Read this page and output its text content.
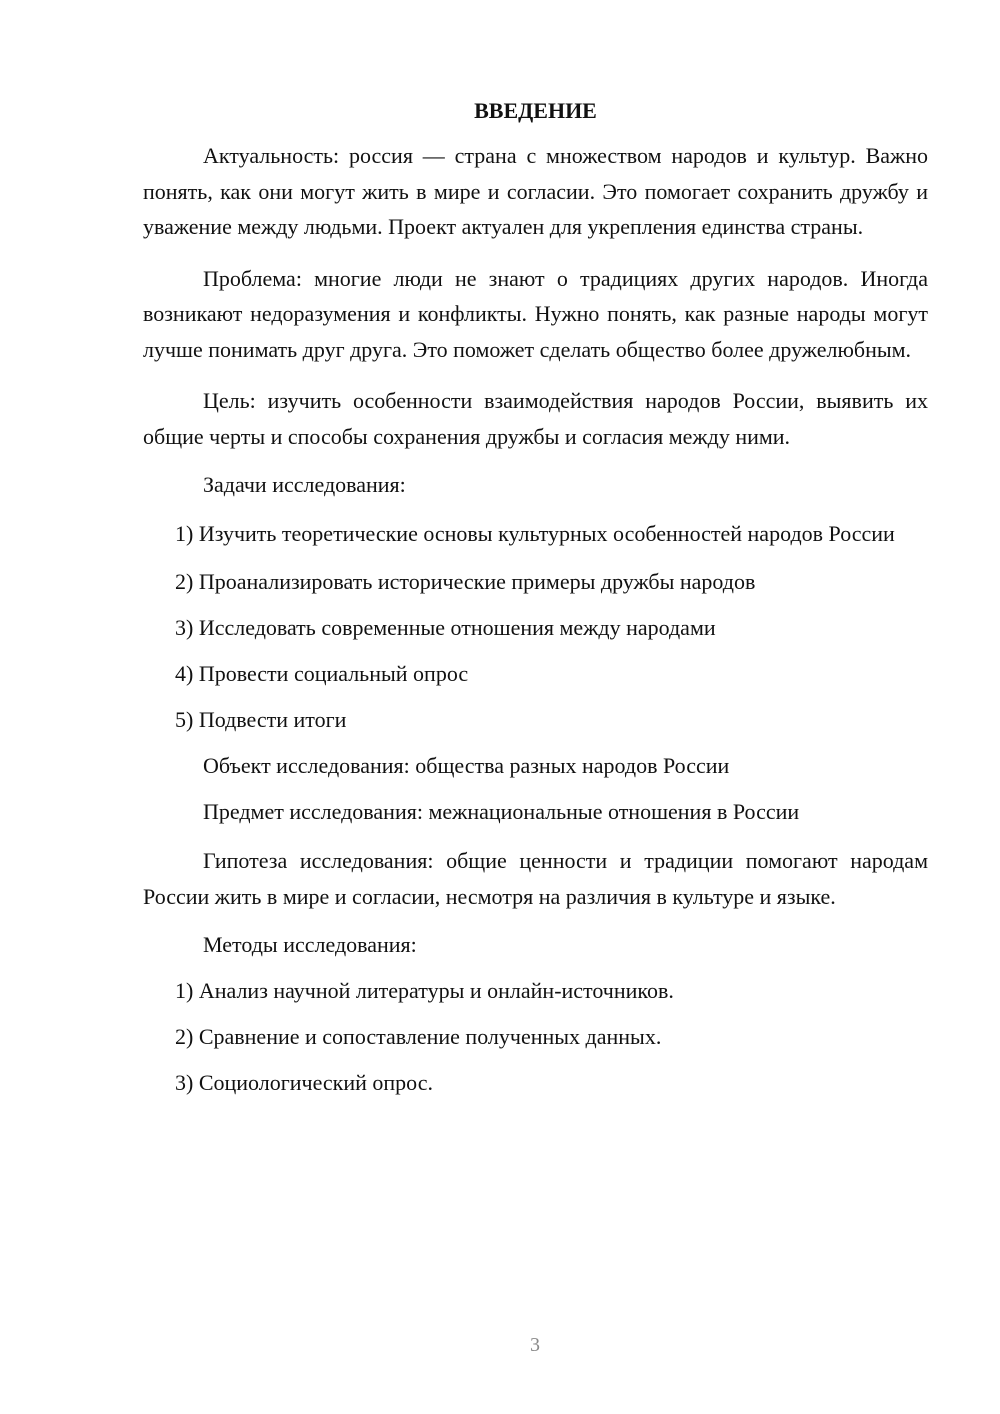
ВВЕДЕНИЕ

Актуальность: россия — страна с множеством народов и культур. Важно понять, как они могут жить в мире и согласии. Это помогает сохранить дружбу и уважение между людьми. Проект актуален для укрепления единства страны.

Проблема: многие люди не знают о традициях других народов. Иногда возникают недоразумения и конфликты. Нужно понять, как разные народы могут лучше понимать друг друга. Это поможет сделать общество более дружелюбным.

Цель: изучить особенности взаимодействия народов России, выявить их общие черты и способы сохранения дружбы и согласия между ними.

Задачи исследования:

1) Изучить теоретические основы культурных особенностей народов России

2) Проанализировать исторические примеры дружбы народов

3) Исследовать современные отношения между народами

4) Провести социальный опрос

5) Подвести итоги

Объект исследования: общества разных народов России

Предмет исследования: межнациональные отношения в России

Гипотеза исследования: общие ценности и традиции помогают народам России жить в мире и согласии, несмотря на различия в культуре и языке.

Методы исследования:

1) Анализ научной литературы и онлайн-источников.

2) Сравнение и сопоставление полученных данных.

3) Социологический опрос.

3
